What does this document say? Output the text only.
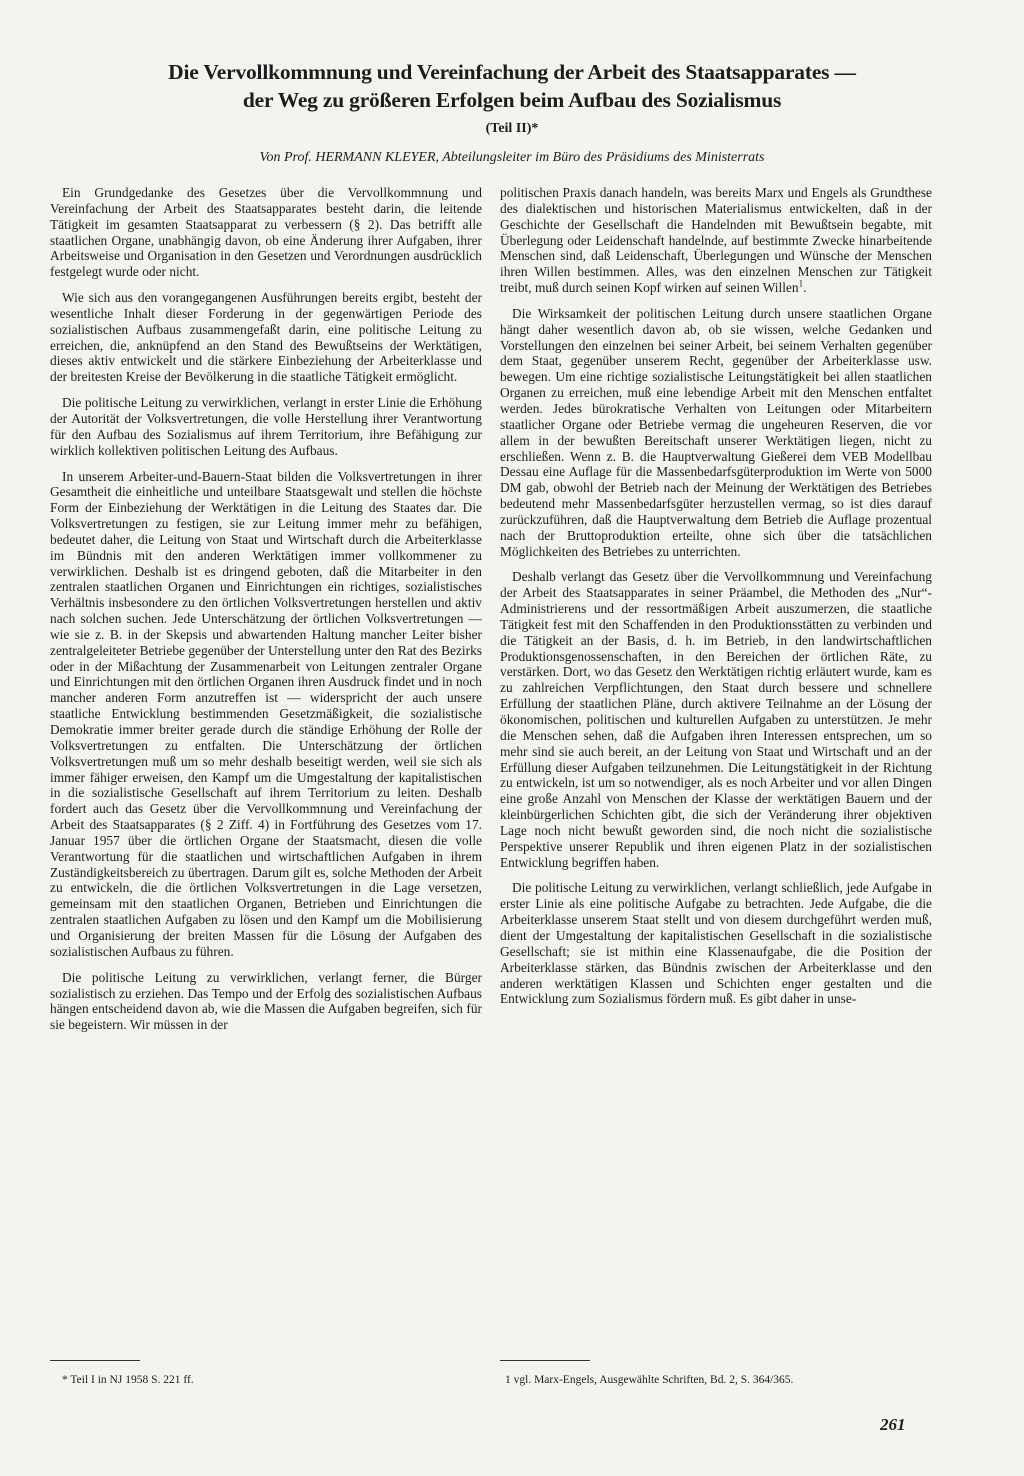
Die Vervollkommnung und Vereinfachung der Arbeit des Staatsapparates —
der Weg zu größeren Erfolgen beim Aufbau des Sozialismus
(Teil II)*
Von Prof. HERMANN KLEYER, Abteilungsleiter im Büro des Präsidiums des Ministerrats

Ein Grundgedanke des Gesetzes über die Vervollkommnung und Vereinfachung der Arbeit des Staatsapparates besteht darin, die leitende Tätigkeit im gesamten Staatsapparat zu verbessern (§ 2). Das betrifft alle staatlichen Organe, unabhängig davon, ob eine Änderung ihrer Aufgaben, ihrer Arbeitsweise und Organisation in den Gesetzen und Verordnungen ausdrücklich festgelegt wurde oder nicht.

Wie sich aus den vorangegangenen Ausführungen bereits ergibt, besteht der wesentliche Inhalt dieser Forderung in der gegenwärtigen Periode des sozialistischen Aufbaus zusammengefaßt darin, eine politische Leitung zu erreichen, die, anknüpfend an den Stand des Bewußtseins der Werktätigen, dieses aktiv entwickelt und die stärkere Einbeziehung der Arbeiterklasse und der breitesten Kreise der Bevölkerung in die staatliche Tätigkeit ermöglicht.

Die politische Leitung zu verwirklichen, verlangt in erster Linie die Erhöhung der Autorität der Volksvertretungen, die volle Herstellung ihrer Verantwortung für den Aufbau des Sozialismus auf ihrem Territorium, ihre Befähigung zur wirklich kollektiven politischen Leitung des Aufbaus.

In unserem Arbeiter-und-Bauern-Staat bilden die Volksvertretungen in ihrer Gesamtheit die einheitliche und unteilbare Staatsgewalt und stellen die höchste Form der Einbeziehung der Werktätigen in die Leitung des Staates dar. Die Volksvertretungen zu festigen, sie zur Leitung immer mehr zu befähigen, bedeutet daher, die Leitung von Staat und Wirtschaft durch die Arbeiterklasse im Bündnis mit den anderen Werktätigen immer vollkommener zu verwirklichen. Deshalb ist es dringend geboten, daß die Mitarbeiter in den zentralen staatlichen Organen und Einrichtungen ein richtiges, sozialistisches Verhältnis insbesondere zu den örtlichen Volksvertretungen herstellen und aktiv nach solchen suchen. Jede Unterschätzung der örtlichen Volksvertretungen — wie sie z. B. in der Skepsis und abwartenden Haltung mancher Leiter bisher zentralgeleiteter Betriebe gegenüber der Unterstellung unter den Rat des Bezirks oder in der Mißachtung der Zusammenarbeit von Leitungen zentraler Organe und Einrichtungen mit den örtlichen Organen ihren Ausdruck findet und in noch mancher anderen Form anzutreffen ist — widerspricht der auch unsere staatliche Entwicklung bestimmenden Gesetzmäßigkeit, die sozialistische Demokratie immer breiter gerade durch die ständige Erhöhung der Rolle der Volksvertretungen zu entfalten. Die Unterschätzung der örtlichen Volksvertretungen muß um so mehr deshalb beseitigt werden, weil sie sich als immer fähiger erweisen, den Kampf um die Umgestaltung der kapitalistischen in die sozialistische Gesellschaft auf ihrem Territorium zu leiten. Deshalb fordert auch das Gesetz über die Vervollkommnung und Vereinfachung der Arbeit des Staatsapparates (§ 2 Ziff. 4) in Fortführung des Gesetzes vom 17. Januar 1957 über die örtlichen Organe der Staatsmacht, diesen die volle Verantwortung für die staatlichen und wirtschaftlichen Aufgaben in ihrem Zuständigkeitsbereich zu übertragen. Darum gilt es, solche Methoden der Arbeit zu entwickeln, die die örtlichen Volksvertretungen in die Lage versetzen, gemeinsam mit den staatlichen Organen, Betrieben und Einrichtungen die zentralen staatlichen Aufgaben zu lösen und den Kampf um die Mobilisierung und Organisierung der breiten Massen für die Lösung der Aufgaben des sozialistischen Aufbaus zu führen.

Die politische Leitung zu verwirklichen, verlangt ferner, die Bürger sozialistisch zu erziehen. Das Tempo und der Erfolg des sozialistischen Aufbaus hängen entscheidend davon ab, wie die Massen die Aufgaben begreifen, sich für sie begeistern. Wir müssen in der

politischen Praxis danach handeln, was bereits Marx und Engels als Grundthese des dialektischen und historischen Materialismus entwickelten, daß in der Geschichte der Gesellschaft die Handelnden mit Bewußtsein begabte, mit Überlegung oder Leidenschaft handelnde, auf bestimmte Zwecke hinarbeitende Menschen sind, daß Leidenschaft, Überlegungen und Wünsche der Menschen ihren Willen bestimmen. Alles, was den einzelnen Menschen zur Tätigkeit treibt, muß durch seinen Kopf wirken auf seinen Willen$^1$.

Die Wirksamkeit der politischen Leitung durch unsere staatlichen Organe hängt daher wesentlich davon ab, ob sie wissen, welche Gedanken und Vorstellungen den einzelnen bei seiner Arbeit, bei seinem Verhalten gegenüber dem Staat, gegenüber unserem Recht, gegenüber der Arbeiterklasse usw. bewegen. Um eine richtige sozialistische Leitungstätigkeit bei allen staatlichen Organen zu erreichen, muß eine lebendige Arbeit mit den Menschen entfaltet werden. Jedes bürokratische Verhalten von Leitungen oder Mitarbeitern staatlicher Organe oder Betriebe vermag die ungeheuren Reserven, die vor allem in der bewußten Bereitschaft unserer Werktätigen liegen, nicht zu erschließen. Wenn z. B. die Hauptverwaltung Gießerei dem VEB Modellbau Dessau eine Auflage für die Massenbedarfsgüterproduktion im Werte von 5000 DM gab, obwohl der Betrieb nach der Meinung der Werktätigen des Betriebes bedeutend mehr Massenbedarfsgüter herzustellen vermag, so ist dies darauf zurückzuführen, daß die Hauptverwaltung dem Betrieb die Auflage prozentual nach der Bruttoproduktion erteilte, ohne sich über die tatsächlichen Möglichkeiten des Betriebes zu unterrichten.

Deshalb verlangt das Gesetz über die Vervollkommnung und Vereinfachung der Arbeit des Staatsapparates in seiner Präambel, die Methoden des „Nur“-Administrierens und der ressortmäßigen Arbeit auszumerzen, die staatliche Tätigkeit fest mit den Schaffenden in den Produktionsstätten zu verbinden und die Tätigkeit an der Basis, d. h. im Betrieb, in den landwirtschaftlichen Produktionsgenossenschaften, in den Bereichen der örtlichen Räte, zu verstärken. Dort, wo das Gesetz den Werktätigen richtig erläutert wurde, kam es zu zahlreichen Verpflichtungen, den Staat durch bessere und schnellere Erfüllung der staatlichen Pläne, durch aktivere Teilnahme an der Lösung der ökonomischen, politischen und kulturellen Aufgaben zu unterstützen. Je mehr die Menschen sehen, daß die Aufgaben ihren Interessen entsprechen, um so mehr sind sie auch bereit, an der Leitung von Staat und Wirtschaft und an der Erfüllung dieser Aufgaben teilzunehmen. Die Leitungstätigkeit in der Richtung zu entwickeln, ist um so notwendiger, als es noch Arbeiter und vor allen Dingen eine große Anzahl von Menschen der Klasse der werktätigen Bauern und der kleinbürgerlichen Schichten gibt, die sich der Veränderung ihrer objektiven Lage noch nicht bewußt geworden sind, die noch nicht die sozialistische Perspektive unserer Republik und ihren eigenen Platz in der sozialistischen Entwicklung begriffen haben.

Die politische Leitung zu verwirklichen, verlangt schließlich, jede Aufgabe in erster Linie als eine politische Aufgabe zu betrachten. Jede Aufgabe, die die Arbeiterklasse unserem Staat stellt und von diesem durchgeführt werden muß, dient der Umgestaltung der kapitalistischen Gesellschaft in die sozialistische Gesellschaft; sie ist mithin eine Klassenaufgabe, die die Position der Arbeiterklasse stärken, das Bündnis zwischen der Arbeiterklasse und den anderen werktätigen Klassen und Schichten enger gestalten und die Entwicklung zum Sozialismus fördern muß. Es gibt daher in unse-

* Teil I in NJ 1958 S. 221 ff.	1 vgl. Marx-Engels, Ausgewählte Schriften, Bd. 2, S. 364/365.
261
